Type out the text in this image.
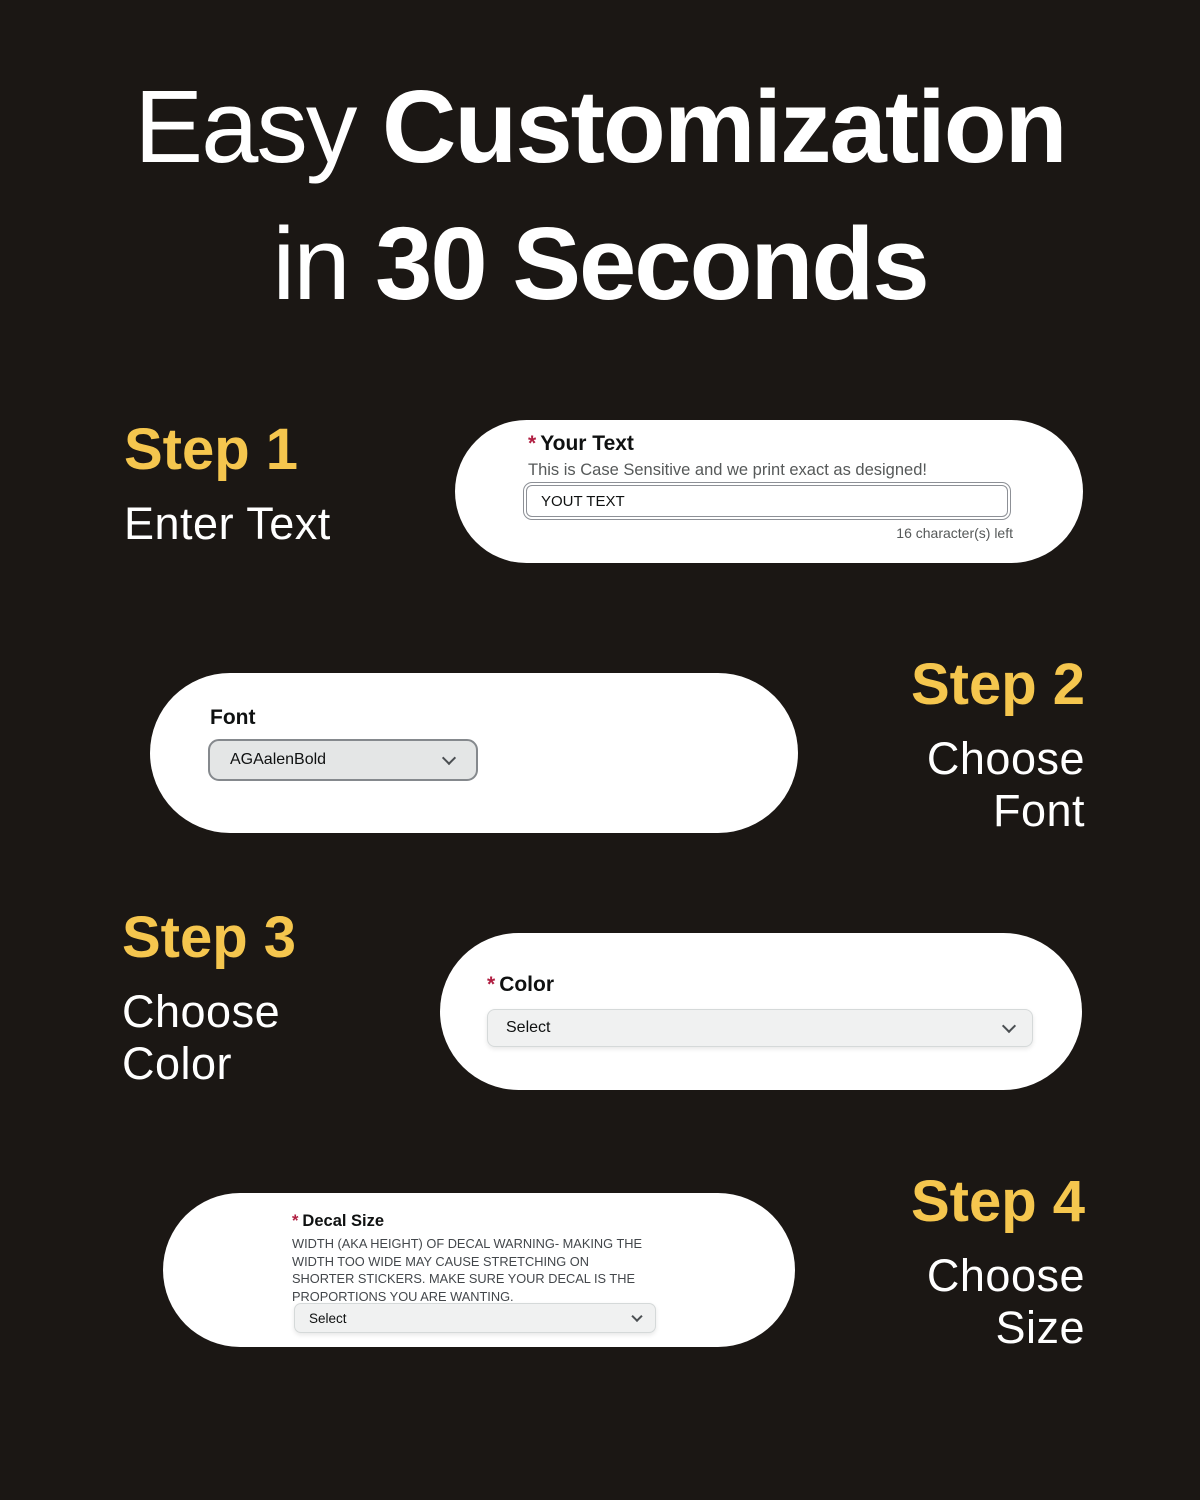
Easy Customization
in 30 Seconds
Step 1
Enter Text
* Your Text
This is Case Sensitive and we print exact as designed!
YOUT TEXT
16 character(s) left
Step 2
Choose
Font
Font
AGAalenBold
Step 3
Choose
Color
* Color
Select
Step 4
Choose
Size
* Decal Size
WIDTH (AKA HEIGHT) OF DECAL WARNING- MAKING THE WIDTH TOO WIDE MAY CAUSE STRETCHING ON SHORTER STICKERS. MAKE SURE YOUR DECAL IS THE PROPORTIONS YOU ARE WANTING.
Select
